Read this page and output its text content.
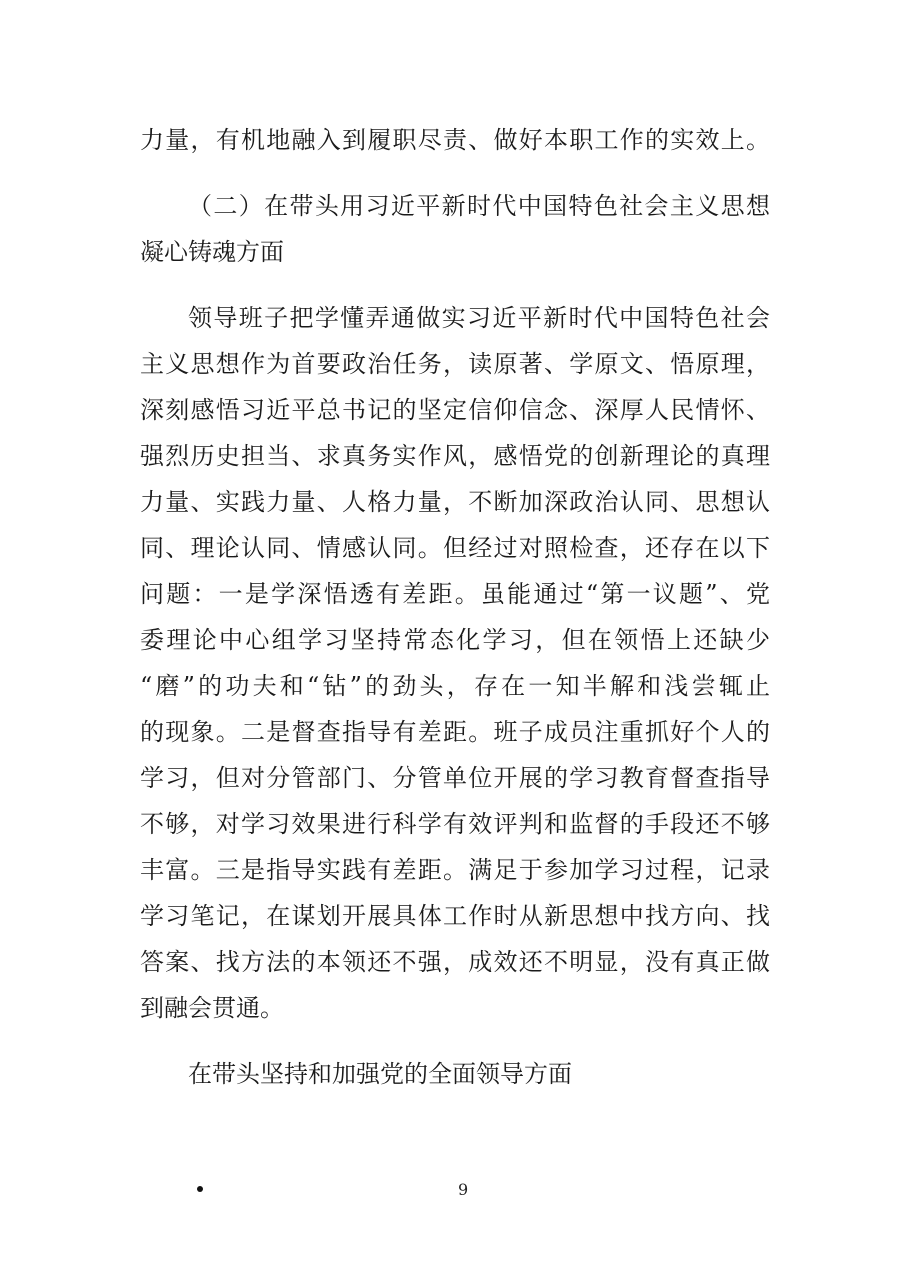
力量，有机地融入到履职尽责、做好本职工作的实效上。
（二）在带头用习近平新时代中国特色社会主义思想
凝心铸魂方面
领导班子把学懂弄通做实习近平新时代中国特色社会
主义思想作为首要政治任务，读原著、学原文、悟原理，
深刻感悟习近平总书记的坚定信仰信念、深厚人民情怀、
强烈历史担当、求真务实作风，感悟党的创新理论的真理
力量、实践力量、人格力量，不断加深政治认同、思想认
同、理论认同、情感认同。但经过对照检查，还存在以下
问题：一是学深悟透有差距。虽能通过“第一议题”、党
委理论中心组学习坚持常态化学习，但在领悟上还缺少
“磨”的功夫和“钻”的劲头，存在一知半解和浅尝辄止
的现象。二是督查指导有差距。班子成员注重抓好个人的
学习，但对分管部门、分管单位开展的学习教育督查指导
不够，对学习效果进行科学有效评判和监督的手段还不够
丰富。三是指导实践有差距。满足于参加学习过程，记录
学习笔记，在谋划开展具体工作时从新思想中找方向、找
答案、找方法的本领还不强，成效还不明显，没有真正做
到融会贯通。
在带头坚持和加强党的全面领导方面
9
